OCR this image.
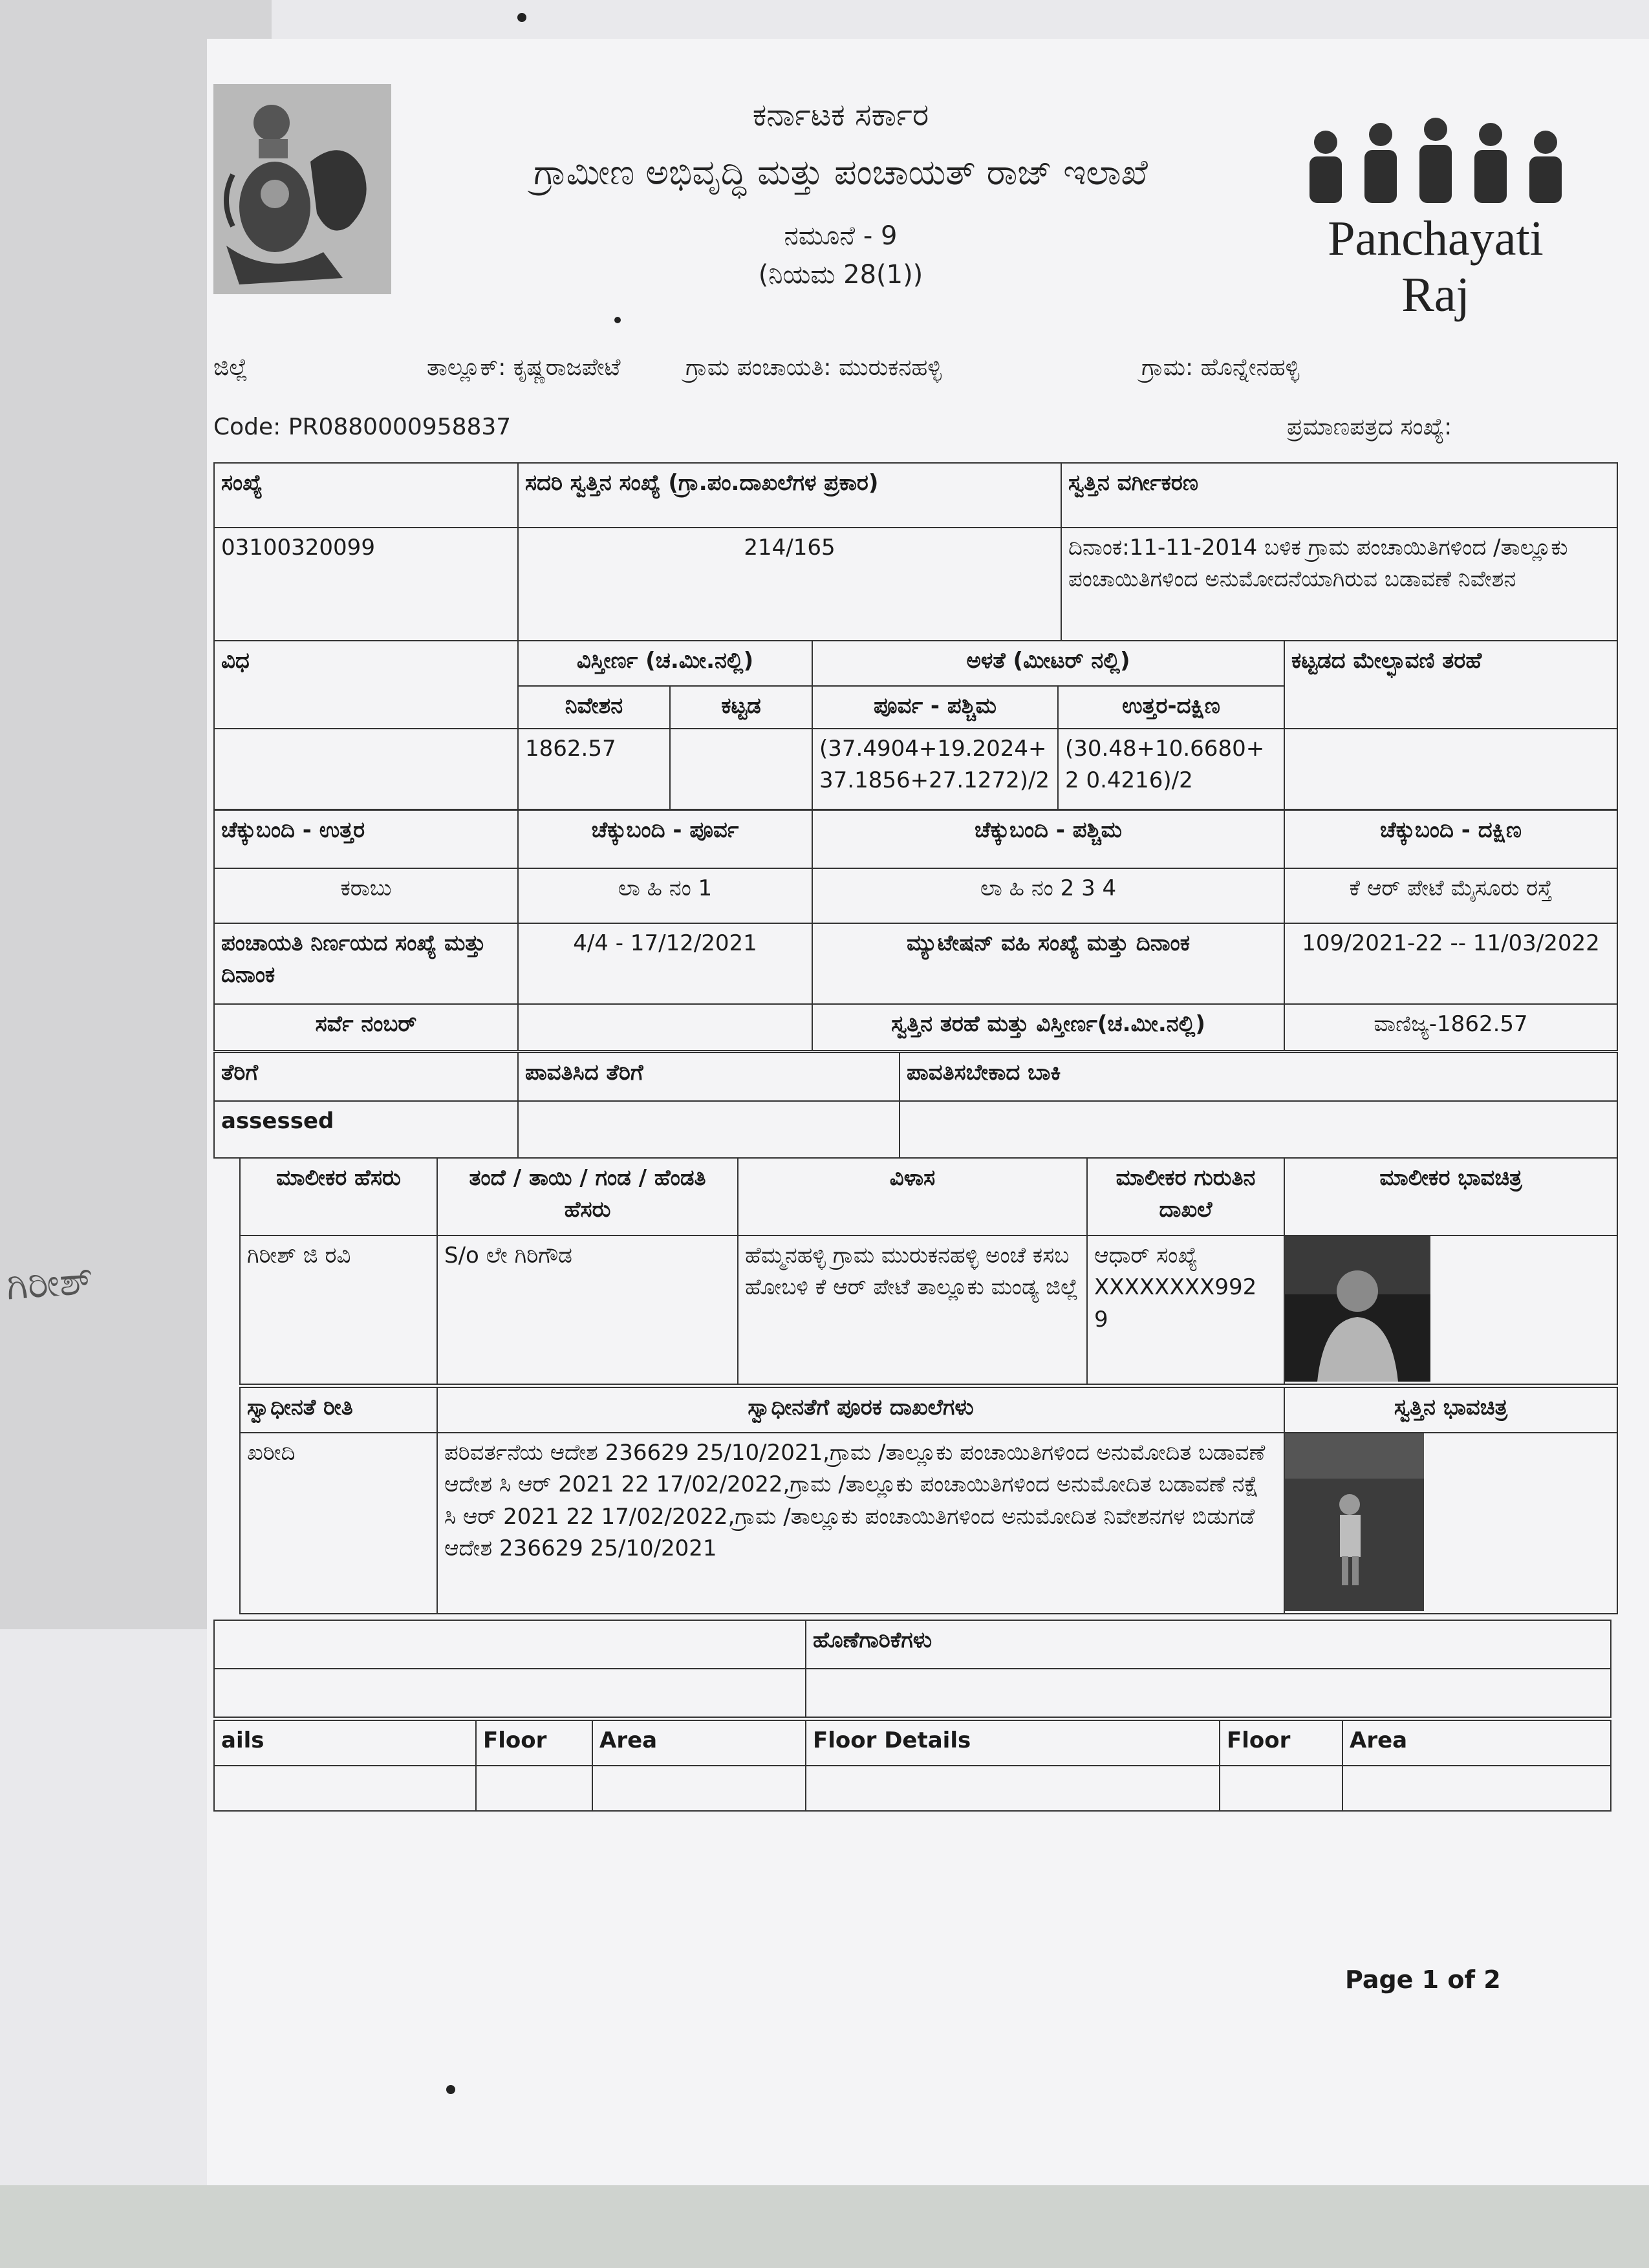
ಕರ್ನಾಟಕ ಸರ್ಕಾರ
ಗ್ರಾಮೀಣ ಅಭಿವೃದ್ಧಿ ಮತ್ತು ಪಂಚಾಯತ್ ರಾಜ್ ಇಲಾಖೆ
ನಮೂನೆ - 9
(ನಿಯಮ 28(1))
Panchayati Raj
ಜಿಲ್ಲೆ	ತಾಲ್ಲೂಕ್: ಕೃಷ್ಣರಾಜಪೇಟೆ	ಗ್ರಾಮ ಪಂಚಾಯತಿ: ಮುರುಕನಹಳ್ಳಿ	ಗ್ರಾಮ: ಹೊನ್ನೇನಹಳ್ಳಿ
Code: PR0880000958837	ಪ್ರಮಾಣಪತ್ರದ ಸಂಖ್ಯೆ:
ಸಂಖ್ಯೆ	ಸದರಿ ಸ್ವತ್ತಿನ ಸಂಖ್ಯೆ (ಗ್ರಾ.ಪಂ.ದಾಖಲೆಗಳ ಪ್ರಕಾರ)	ಸ್ವತ್ತಿನ ವರ್ಗೀಕರಣ
03100320099	214/165	ದಿನಾಂಕ:11-11-2014 ಬಳಿಕ ಗ್ರಾಮ ಪಂಚಾಯಿತಿಗಳಿಂದ /ತಾಲ್ಲೂಕು ಪಂಚಾಯಿತಿಗಳಿಂದ ಅನುಮೋದನೆಯಾಗಿರುವ ಬಡಾವಣೆ ನಿವೇಶನ
ವಿಧ	ವಿಸ್ತೀರ್ಣ (ಚ.ಮೀ.ನಲ್ಲಿ)		ಅಳತೆ (ಮೀಟರ್ ನಲ್ಲಿ)		ಕಟ್ಟಡದ ಮೇಲ್ಛಾವಣಿ ತರಹೆ
	ನಿವೇಶನ	ಕಟ್ಟಡ	ಪೂರ್ವ - ಪಶ್ಚಿಮ	ಉತ್ತರ-ದಕ್ಷಿಣ	
	1862.57		(37.4904+19.2024+ 37.1856+27.1272)/2	(30.48+10.6680+2 0.4216)/2	
ಚೆಕ್ಕುಬಂದಿ - ಉತ್ತರ	ಚೆಕ್ಕುಬಂದಿ - ಪೂರ್ವ	ಚೆಕ್ಕುಬಂದಿ - ಪಶ್ಚಿಮ	ಚೆಕ್ಕುಬಂದಿ - ದಕ್ಷಿಣ
ಕರಾಬು	ಲಾ ಹಿ ನಂ 1	ಲಾ ಹಿ ನಂ 2 3 4	ಕೆ ಆರ್ ಪೇಟೆ ಮೈಸೂರು ರಸ್ತೆ
ಪಂಚಾಯತಿ ನಿರ್ಣಯದ ಸಂಖ್ಯೆ ಮತ್ತು ದಿನಾಂಕ	4/4 - 17/12/2021	ಮ್ಯುಟೇಷನ್ ವಹಿ ಸಂಖ್ಯೆ ಮತ್ತು ದಿನಾಂಕ	109/2021-22 -- 11/03/2022
ಸರ್ವೆ ನಂಬರ್		ಸ್ವತ್ತಿನ ತರಹೆ ಮತ್ತು ವಿಸ್ತೀರ್ಣ(ಚ.ಮೀ.ನಲ್ಲಿ)	ವಾಣಿಜ್ಯ-1862.57
ತೆರಿಗೆ	ಪಾವತಿಸಿದ ತೆರಿಗೆ	ಪಾವತಿಸಬೇಕಾದ ಬಾಕಿ
assessed		
ಮಾಲೀಕರ ಹೆಸರು	ತಂದೆ / ತಾಯಿ / ಗಂಡ / ಹೆಂಡತಿ ಹೆಸರು	ವಿಳಾಸ	ಮಾಲೀಕರ ಗುರುತಿನ ದಾಖಲೆ	ಮಾಲೀಕರ ಭಾವಚಿತ್ರ
ಗಿರೀಶ್ ಜಿ ರವಿ	S/o ಲೇ ಗಿರಿಗೌಡ	ಹೆಮ್ಮನಹಳ್ಳಿ ಗ್ರಾಮ ಮುರುಕನಹಳ್ಳಿ ಅಂಚೆ ಕಸಬ ಹೋಬಳಿ ಕೆ ಆರ್ ಪೇಟೆ ತಾಲ್ಲೂಕು ಮಂಡ್ಯ ಜಿಲ್ಲೆ	ಆಧಾರ್ ಸಂಖ್ಯೆ XXXXXXXX992 9	
ಸ್ವಾಧೀನತೆ ರೀತಿ	ಸ್ವಾಧೀನತೆಗೆ ಪೂರಕ ದಾಖಲೆಗಳು	ಸ್ವತ್ತಿನ ಭಾವಚಿತ್ರ
ಖರೀದಿ	ಪರಿವರ್ತನೆಯ ಆದೇಶ 236629 25/10/2021,ಗ್ರಾಮ /ತಾಲ್ಲೂಕು ಪಂಚಾಯಿತಿಗಳಿಂದ ಅನುಮೋದಿತ ಬಡಾವಣೆ ಆದೇಶ ಸಿ ಆರ್ 2021 22 17/02/2022,ಗ್ರಾಮ /ತಾಲ್ಲೂಕು ಪಂಚಾಯಿತಿಗಳಿಂದ ಅನುಮೋದಿತ ಬಡಾವಣೆ ನಕ್ಷೆ ಸಿ ಆರ್ 2021 22 17/02/2022,ಗ್ರಾಮ /ತಾಲ್ಲೂಕು ಪಂಚಾಯಿತಿಗಳಿಂದ ಅನುಮೋದಿತ ನಿವೇಶನಗಳ ಬಿಡುಗಡೆ ಆದೇಶ 236629 25/10/2021	
	ಹೊಣೆಗಾರಿಕೆಗಳು

ails	Floor	Area	Floor Details	Floor	Area

Page 1 of 2
ಗಿರೀಶ್
